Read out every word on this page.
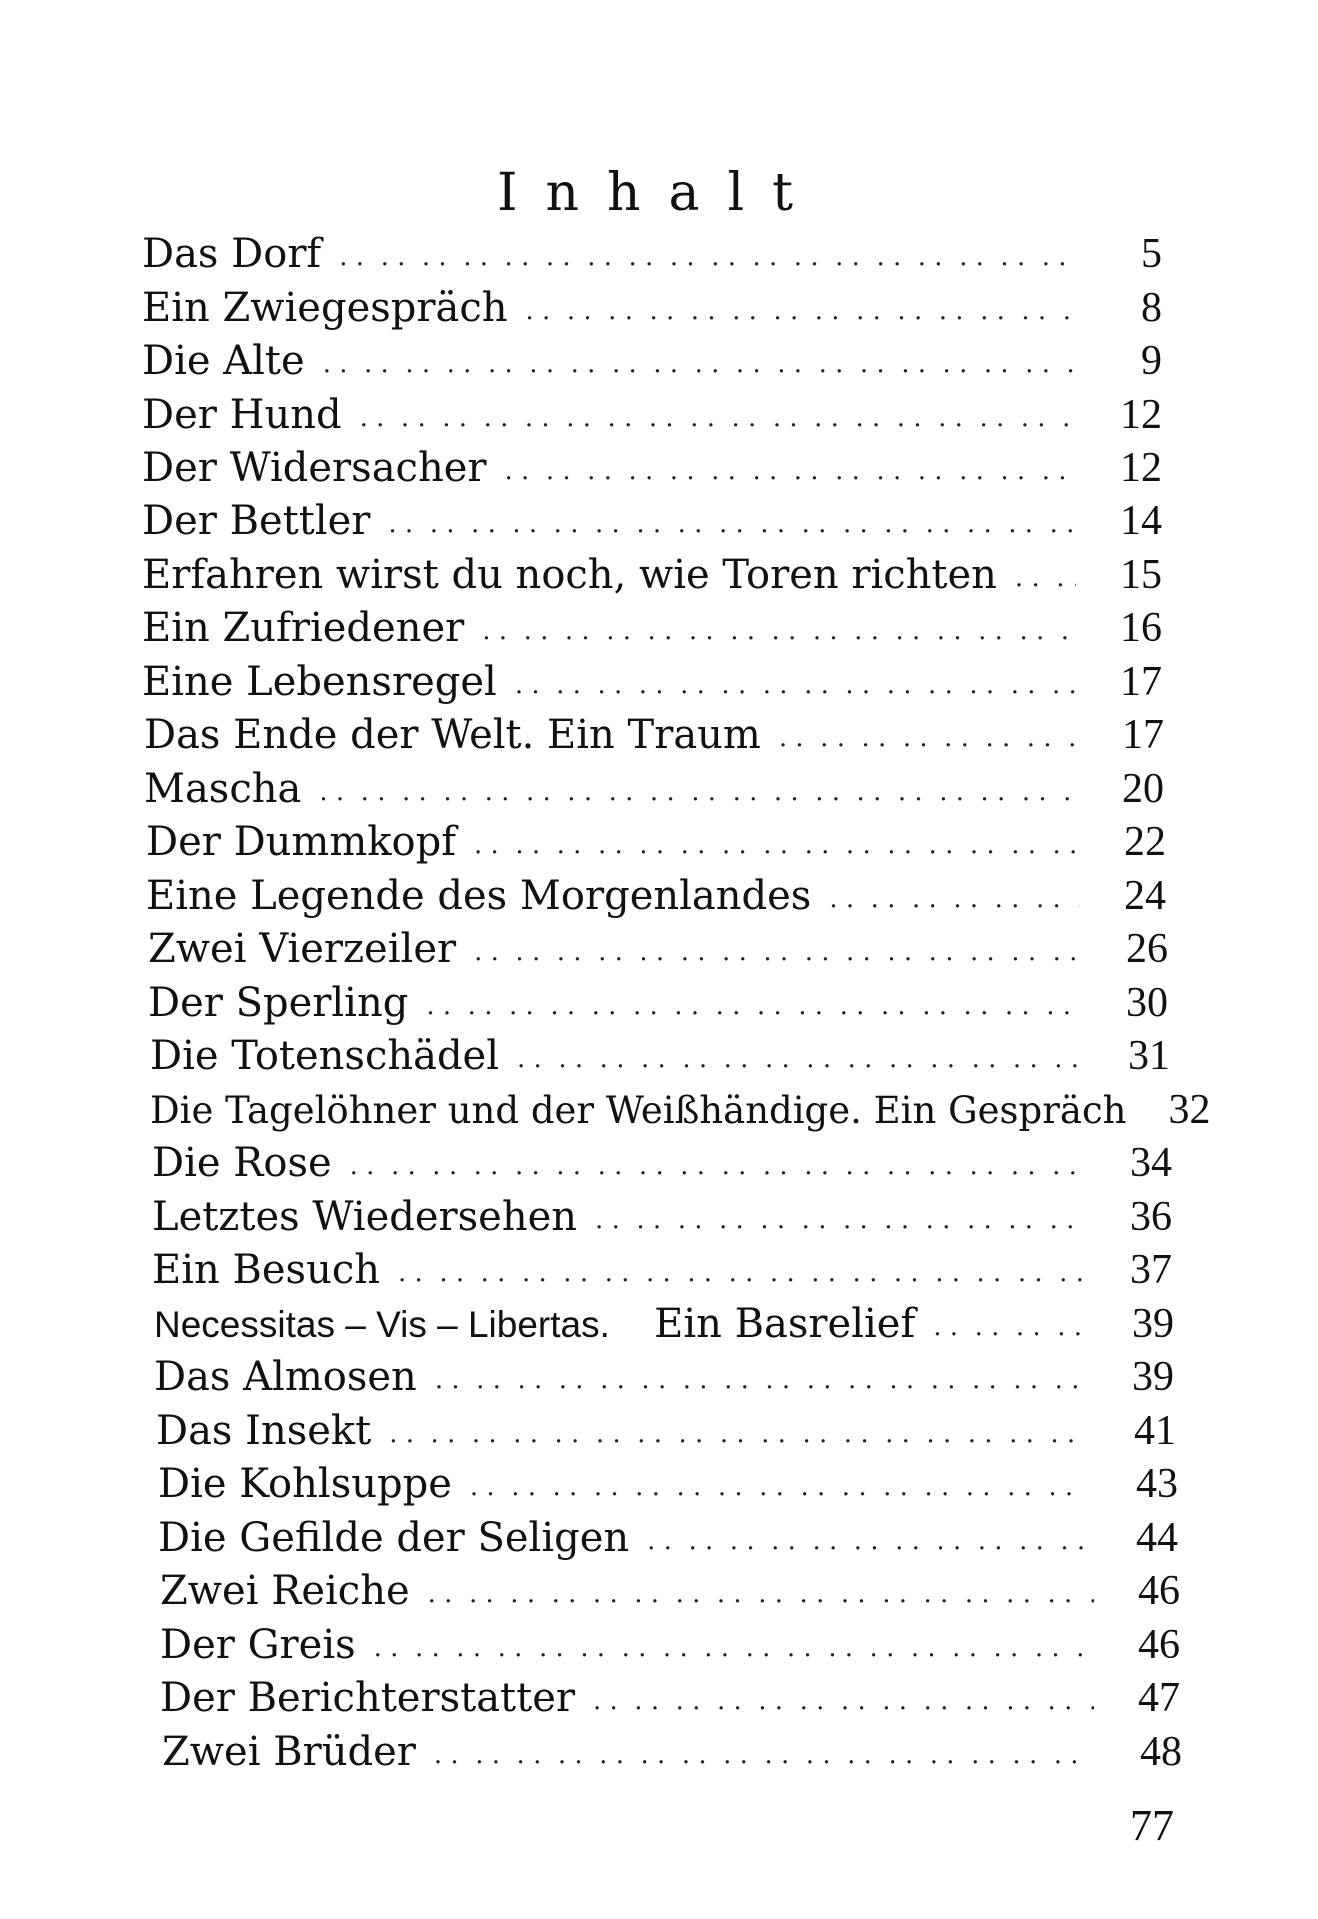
Inhalt
Das Dorf . .	5
Ein Zwiegespräch . .	8
Die Alte . .	9
Der Hund . .	12
Der Widersacher . .	12
Der Bettler . .	14
Erfahren wirst du noch, wie Toren richten . .	15
Ein Zufriedener . .	16
Eine Lebensregel . .	17
Das Ende der Welt. Ein Traum . .	17
Mascha . .	20
Der Dummkopf . .	22
Eine Legende des Morgenlandes . .	24
Zwei Vierzeiler . .	26
Der Sperling . .	30
Die Totenschädel . .	31
Die Tagelöhner und der Weißhändige. Ein Gespräch	32
Die Rose . .	34
Letztes Wiedersehen . .	36
Ein Besuch . .	37
Necessitas – Vis – Libertas. Ein Basrelief . .	39
Das Almosen . .	39
Das Insekt . .	41
Die Kohlsuppe . .	43
Die Gefilde der Seligen . .	44
Zwei Reiche . .	46
Der Greis . .	46
Der Berichterstatter . .	47
Zwei Brüder . .	48
77
